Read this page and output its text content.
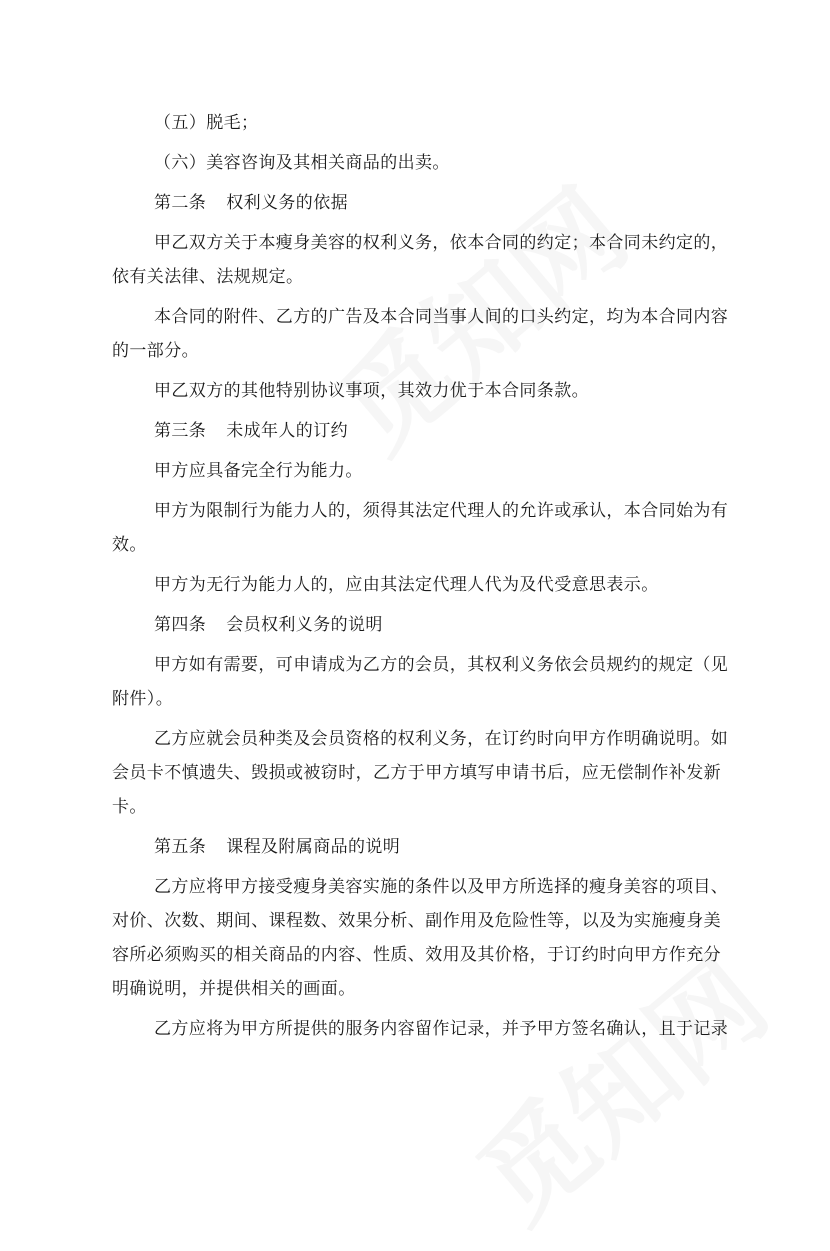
（五）脱毛；
（六）美容咨询及其相关商品的出卖。
第二条 权利义务的依据
甲乙双方关于本瘦身美容的权利义务，依本合同的约定；本合同未约定的，
依有关法律、法规规定。
本合同的附件、乙方的广告及本合同当事人间的口头约定，均为本合同内容
的一部分。
甲乙双方的其他特别协议事项，其效力优于本合同条款。
第三条 未成年人的订约
甲方应具备完全行为能力。
甲方为限制行为能力人的，须得其法定代理人的允许或承认，本合同始为有
效。
甲方为无行为能力人的，应由其法定代理人代为及代受意思表示。
第四条 会员权利义务的说明
甲方如有需要，可申请成为乙方的会员，其权利义务依会员规约的规定（见
附件）。
乙方应就会员种类及会员资格的权利义务，在订约时向甲方作明确说明。如
会员卡不慎遗失、毁损或被窃时，乙方于甲方填写申请书后，应无偿制作补发新
卡。
第五条 课程及附属商品的说明
乙方应将甲方接受瘦身美容实施的条件以及甲方所选择的瘦身美容的项目、
对价、次数、期间、课程数、效果分析、副作用及危险性等，以及为实施瘦身美
容所必须购买的相关商品的内容、性质、效用及其价格，于订约时向甲方作充分
明确说明，并提供相关的画面。
乙方应将为甲方所提供的服务内容留作记录，并予甲方签名确认，且于记录
